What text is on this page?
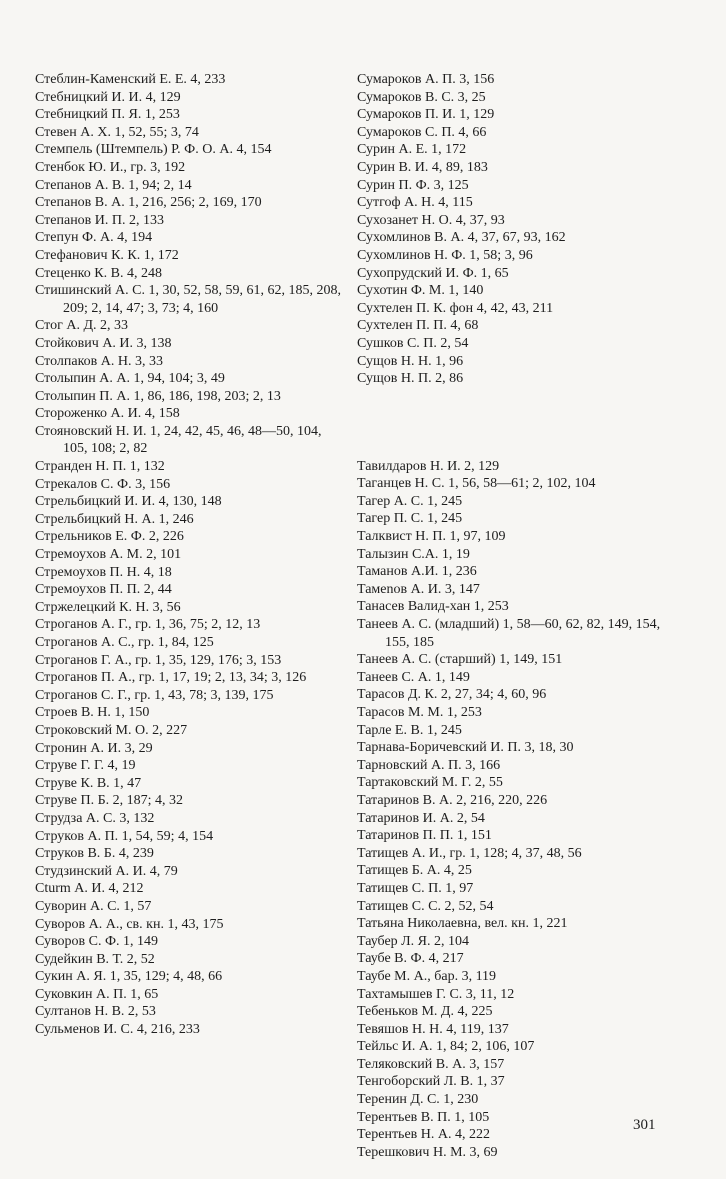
Стеблин-Каменский Е. Е. 4, 233

Стебницкий И. И. 4, 129

Стебницкий П. Я. 1, 253

Стевен А. Х. 1, 52, 55; 3, 74

Стемпель (Штемпель) Р. Ф. О. А. 4, 154

Стенбок Ю. И., гр. 3, 192

Степанов А. В. 1, 94; 2, 14

Степанов В. А. 1, 216, 256; 2, 169, 170

Степанов И. П. 2, 133

Степун Ф. А. 4, 194

Стефанович К. К. 1, 172

Стеценко К. В. 4, 248

Стишинский А. С. 1, 30, 52, 58, 59, 61, 62, 185, 208, 209; 2, 14, 47; 3, 73; 4, 160

Стог А. Д. 2, 33

Стойкович А. И. 3, 138

Столпаков А. Н. 3, 33

Столыпин А. А. 1, 94, 104; 3, 49

Столыпин П. А. 1, 86, 186, 198, 203; 2, 13

Стороженко А. И. 4, 158

Стояновский Н. И. 1, 24, 42, 45, 46, 48—50, 104, 105, 108; 2, 82

Странден Н. П. 1, 132

Стрекалов С. Ф. 3, 156

Стрельбицкий И. И. 4, 130, 148

Стрельбицкий Н. А. 1, 246

Стрельников Е. Ф. 2, 226

Стремоухов А. М. 2, 101

Стремоухов П. Н. 4, 18

Стремоухов П. П. 2, 44

Стржелецкий К. Н. 3, 56

Строганов А. Г., гр. 1, 36, 75; 2, 12, 13

Строганов А. С., гр. 1, 84, 125

Строганов Г. А., гр. 1, 35, 129, 176; 3, 153

Строганов П. А., гр. 1, 17, 19; 2, 13, 34; 3, 126

Строганов С. Г., гр. 1, 43, 78; 3, 139, 175

Строев В. Н. 1, 150

Строковский М. О. 2, 227

Стронин А. И. 3, 29

Струве Г. Г. 4, 19

Струве К. В. 1, 47

Струве П. Б. 2, 187; 4, 32

Струдза А. С. 3, 132

Струков А. П. 1, 54, 59; 4, 154

Струков В. Б. 4, 239

Студзинский А. И. 4, 79

Сturm А. И. 4, 212

Суворин А. С. 1, 57

Суворов А. А., св. кн. 1, 43, 175

Суворов С. Ф. 1, 149

Судейкин В. Т. 2, 52

Сукин А. Я. 1, 35, 129; 4, 48, 66

Суковкин А. П. 1, 65

Султанов Н. В. 2, 53

Сульменов И. С. 4, 216, 233

Сумароков А. П. 3, 156

Сумароков В. С. 3, 25

Сумароков П. И. 1, 129

Сумароков С. П. 4, 66

Сурин А. Е. 1, 172

Сурин В. И. 4, 89, 183

Сурин П. Ф. 3, 125

Сутгоф А. Н. 4, 115

Сухозанет Н. О. 4, 37, 93

Сухомлинов В. А. 4, 37, 67, 93, 162

Сухомлинов Н. Ф. 1, 58; 3, 96

Сухопрудский И. Ф. 1, 65

Сухотин Ф. М. 1, 140

Сухтелен П. К. фон 4, 42, 43, 211

Сухтелен П. П. 4, 68

Сушков С. П. 2, 54

Сущов Н. Н. 1, 96

Сущов Н. П. 2, 86

Тавилдаров Н. И. 2, 129

Таганцев Н. С. 1, 56, 58—61; 2, 102, 104

Тагер А. С. 1, 245

Тагер П. С. 1, 245

Талквист Н. П. 1, 97, 109

Талызин С.А. 1, 19

Таманов А.И. 1, 236

Тамеnов А. И. 3, 147

Танасев Валид-хан 1, 253

Танеев А. С. (младший) 1, 58—60, 62, 82, 149, 154, 155, 185

Танеев А. С. (старший) 1, 149, 151

Танеев С. А. 1, 149

Тарасов Д. К. 2, 27, 34; 4, 60, 96

Тарасов М. М. 1, 253

Тарле Е. В. 1, 245

Тарнава-Боричевский И. П. 3, 18, 30

Тарновский А. П. 3, 166

Тартаковский М. Г. 2, 55

Татаринов В. А. 2, 216, 220, 226

Татаринов И. А. 2, 54

Татаринов П. П. 1, 151

Татищев А. И., гр. 1, 128; 4, 37, 48, 56

Татищев Б. А. 4, 25

Татищев С. П. 1, 97

Татищев С. С. 2, 52, 54

Татьяна Николаевна, вел. кн. 1, 221

Таубер Л. Я. 2, 104

Таубе В. Ф. 4, 217

Таубе М. А., бар. 3, 119

Тахтамышев Г. С. 3, 11, 12

Тебеньков М. Д. 4, 225

Тевяшов Н. Н. 4, 119, 137

Тейльс И. А. 1, 84; 2, 106, 107

Теляковский В. А. 3, 157

Тенгоборский Л. В. 1, 37

Теренин Д. С. 1, 230

Терентьев В. П. 1, 105

Терентьев Н. А. 4, 222

Терешкович Н. М. 3, 69

301
